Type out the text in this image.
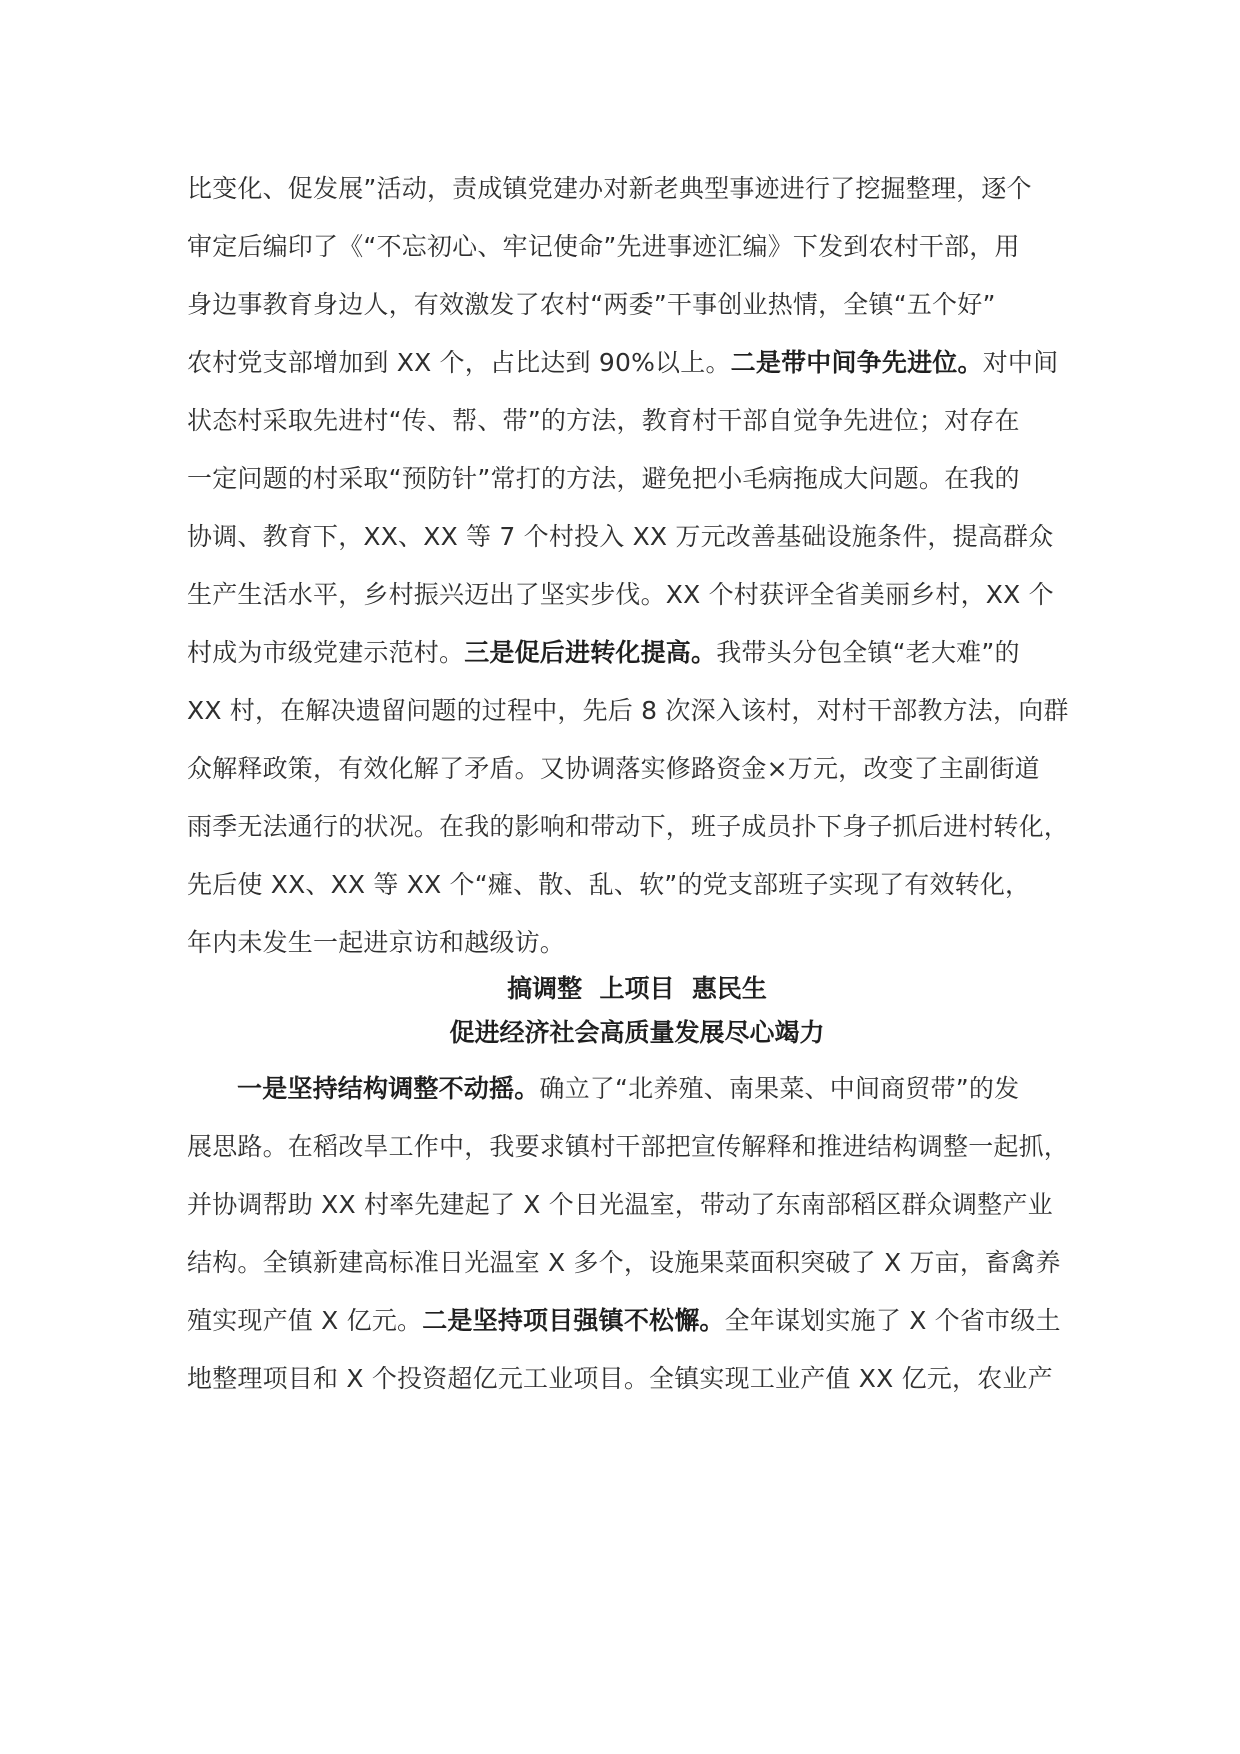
比变化、促发展”活动，责成镇党建办对新老典型事迹进行了挖掘整理，逐个
审定后编印了《“不忘初心、牢记使命”先进事迹汇编》下发到农村干部，用
身边事教育身边人，有效激发了农村“两委”干事创业热情，全镇“五个好”
农村党支部增加到 XX 个，占比达到 90%以上。二是带中间争先进位。对中间
状态村采取先进村“传、帮、带”的方法，教育村干部自觉争先进位；对存在
一定问题的村采取“预防针”常打的方法，避免把小毛病拖成大问题。在我的
协调、教育下，XX、XX 等 7 个村投入 XX 万元改善基础设施条件，提高群众
生产生活水平，乡村振兴迈出了坚实步伐。XX 个村获评全省美丽乡村，XX 个
村成为市级党建示范村。三是促后进转化提高。我带头分包全镇“老大难”的
XX 村，在解决遗留问题的过程中，先后 8 次深入该村，对村干部教方法，向群
众解释政策，有效化解了矛盾。又协调落实修路资金×万元，改变了主副街道
雨季无法通行的状况。在我的影响和带动下，班子成员扑下身子抓后进村转化，
先后使 XX、XX 等 XX 个“瘫、散、乱、软”的党支部班子实现了有效转化，
年内未发生一起进京访和越级访。
搞调整  上项目  惠民生
促进经济社会高质量发展尽心竭力
一是坚持结构调整不动摇。确立了“北养殖、南果菜、中间商贸带”的发
展思路。在稻改旱工作中，我要求镇村干部把宣传解释和推进结构调整一起抓，
并协调帮助 XX 村率先建起了 X 个日光温室，带动了东南部稻区群众调整产业
结构。全镇新建高标准日光温室 X 多个，设施果菜面积突破了 X 万亩，畜禽养
殖实现产值 X 亿元。二是坚持项目强镇不松懈。全年谋划实施了 X 个省市级土
地整理项目和 X 个投资超亿元工业项目。全镇实现工业产值 XX 亿元，农业产
